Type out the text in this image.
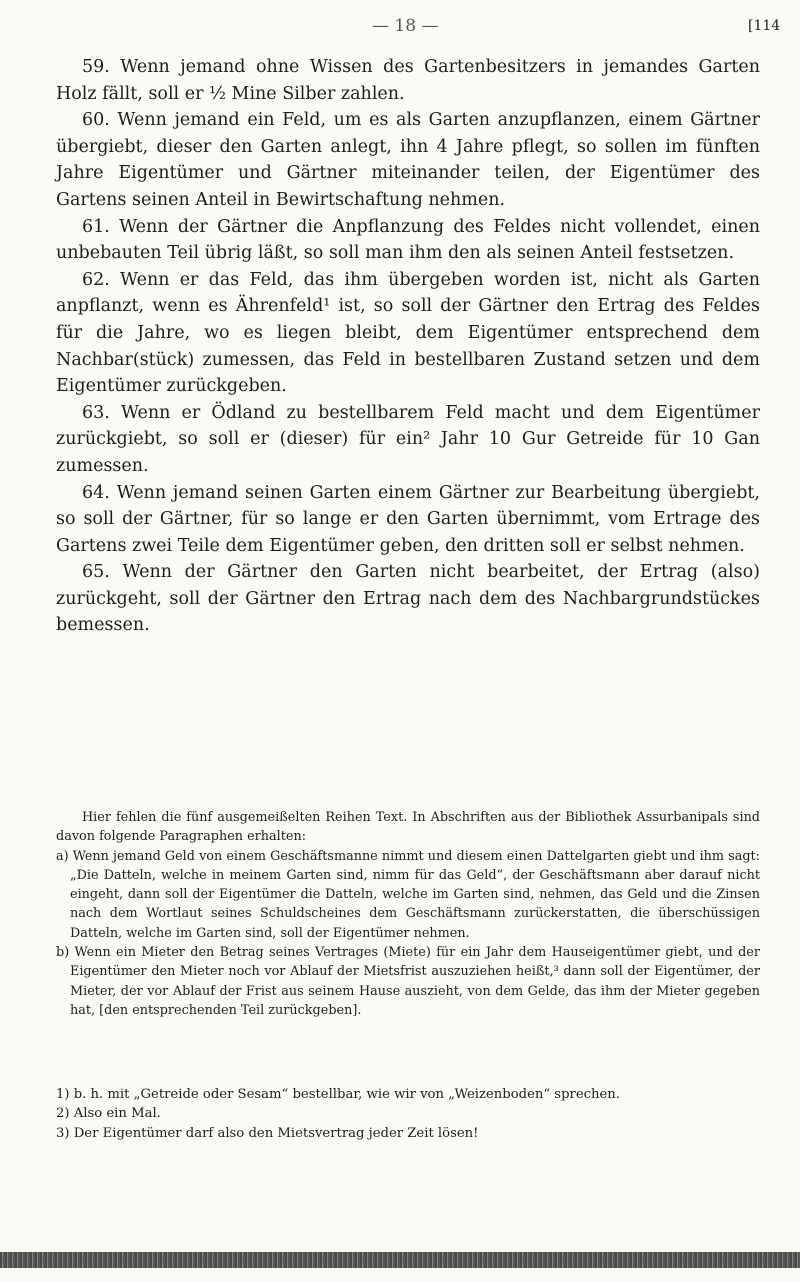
— 18 —	[114

59. Wenn jemand ohne Wissen des Gartenbesitzers in jemandes Garten Holz fällt, soll er ½ Mine Silber zahlen.

60. Wenn jemand ein Feld, um es als Garten anzupflanzen, einem Gärtner übergiebt, dieser den Garten anlegt, ihn 4 Jahre pflegt, so sollen im fünften Jahre Eigentümer und Gärtner miteinander teilen, der Eigentümer des Gartens seinen Anteil in Bewirtschaftung nehmen.

61. Wenn der Gärtner die Anpflanzung des Feldes nicht vollendet, einen unbebauten Teil übrig läßt, so soll man ihm den als seinen Anteil festsetzen.

62. Wenn er das Feld, das ihm übergeben worden ist, nicht als Garten anpflanzt, wenn es Ährenfeld¹ ist, so soll der Gärtner den Ertrag des Feldes für die Jahre, wo es liegen bleibt, dem Eigentümer entsprechend dem Nachbar(stück) zumessen, das Feld in bestellbaren Zustand setzen und dem Eigentümer zurückgeben.

63. Wenn er Ödland zu bestellbarem Feld macht und dem Eigentümer zurückgiebt, so soll er (dieser) für ein² Jahr 10 Gur Getreide für 10 Gan zumessen.

64. Wenn jemand seinen Garten einem Gärtner zur Bearbeitung übergiebt, so soll der Gärtner, für so lange er den Garten übernimmt, vom Ertrage des Gartens zwei Teile dem Eigentümer geben, den dritten soll er selbst nehmen.

65. Wenn der Gärtner den Garten nicht bearbeitet, der Ertrag (also) zurückgeht, soll der Gärtner den Ertrag nach dem des Nachbargrundstückes bemessen.

Hier fehlen die fünf ausgemeißelten Reihen Text. In Abschriften aus der Bibliothek Assurbanipals sind davon folgende Paragraphen erhalten:

a) Wenn jemand Geld von einem Geschäftsmanne nimmt und diesem einen Dattelgarten giebt und ihm sagt: „Die Datteln, welche in meinem Garten sind, nimm für das Geld“, der Geschäftsmann aber darauf nicht eingeht, dann soll der Eigentümer die Datteln, welche im Garten sind, nehmen, das Geld und die Zinsen nach dem Wortlaut seines Schuldscheines dem Geschäftsmann zurückerstatten, die überschüssigen Datteln, welche im Garten sind, soll der Eigentümer nehmen.

b) Wenn ein Mieter den Betrag seines Vertrages (Miete) für ein Jahr dem Hauseigentümer giebt, und der Eigentümer den Mieter noch vor Ablauf der Mietsfrist auszuziehen heißt,³ dann soll der Eigentümer, der Mieter, der vor Ablauf der Frist aus seinem Hause auszieht, von dem Gelde, das ihm der Mieter gegeben hat, [den entsprechenden Teil zurückgeben].

1) b. h. mit „Getreide oder Sesam“ bestellbar, wie wir von „Weizenboden“ sprechen.

2) Also ein Mal.

3) Der Eigentümer darf also den Mietsvertrag jeder Zeit lösen!
